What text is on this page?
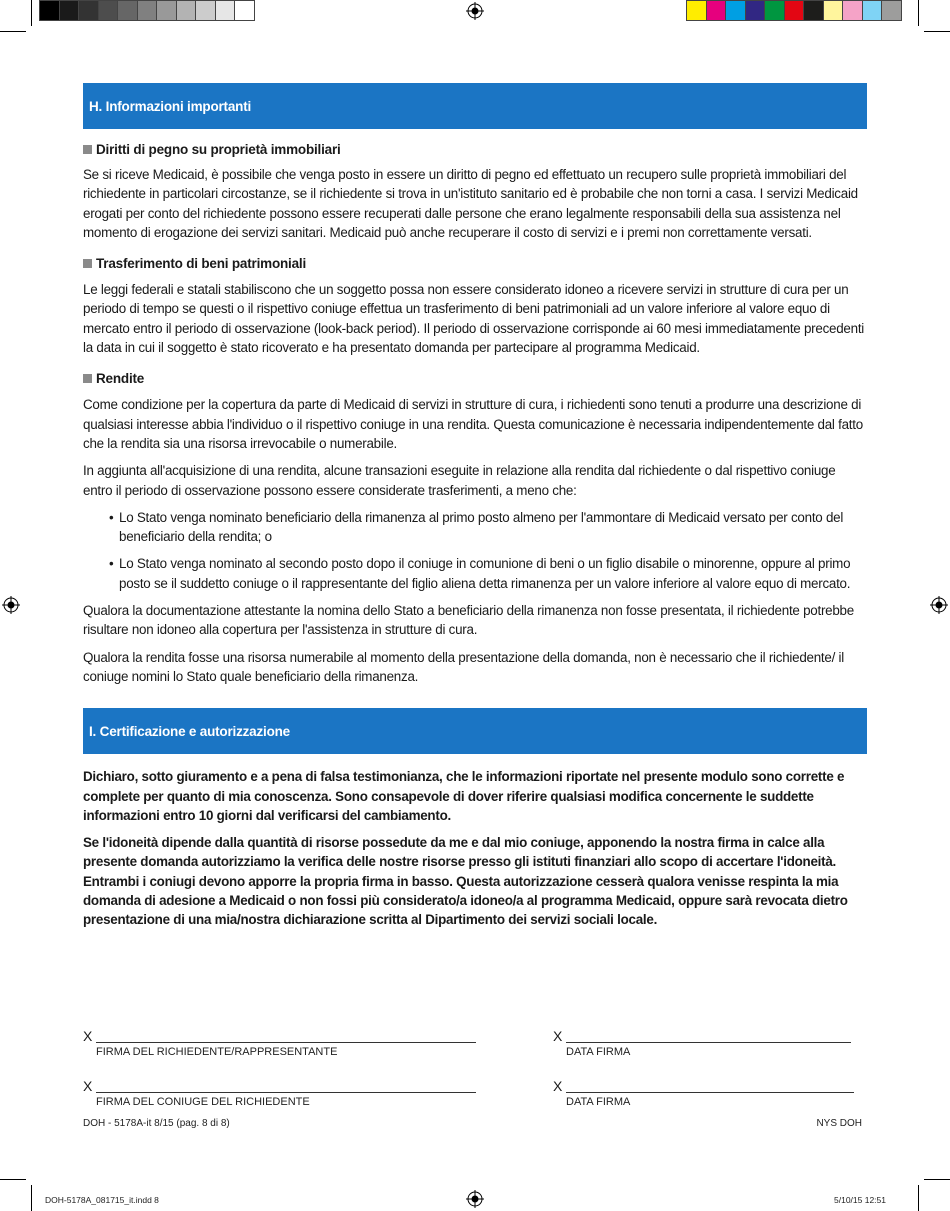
H. Informazioni importanti
Diritti di pegno su proprietà immobiliari

Se si riceve Medicaid, è possibile che venga posto in essere un diritto di pegno ed effettuato un recupero sulle proprietà immobiliari del richiedente in particolari circostanze, se il richiedente si trova in un'istituto sanitario ed è probabile che non torni a casa. I servizi Medicaid erogati per conto del richiedente possono essere recuperati dalle persone che erano legalmente responsabili della sua assistenza nel momento di erogazione dei servizi sanitari. Medicaid può anche recuperare il costo di servizi e i premi non correttamente versati.

Trasferimento di beni patrimoniali

Le leggi federali e statali stabiliscono che un soggetto possa non essere considerato idoneo a ricevere servizi in strutture di cura per un periodo di tempo se questi o il rispettivo coniuge effettua un trasferimento di beni patrimoniali ad un valore inferiore al valore equo di mercato entro il periodo di osservazione (look-back period). Il periodo di osservazione corrisponde ai 60 mesi immediatamente precedenti la data in cui il soggetto è stato ricoverato e ha presentato domanda per partecipare al programma Medicaid.

Rendite

Come condizione per la copertura da parte di Medicaid di servizi in strutture di cura, i richiedenti sono tenuti a produrre una descrizione di qualsiasi interesse abbia l'individuo o il rispettivo coniuge in una rendita. Questa comunicazione è necessaria indipendentemente dal fatto che la rendita sia una risorsa irrevocabile o numerabile.

In aggiunta all'acquisizione di una rendita, alcune transazioni eseguite in relazione alla rendita dal richiedente o dal rispettivo coniuge entro il periodo di osservazione possono essere considerate trasferimenti, a meno che:

• Lo Stato venga nominato beneficiario della rimanenza al primo posto almeno per l'ammontare di Medicaid versato per conto del beneficiario della rendita; o
• Lo Stato venga nominato al secondo posto dopo il coniuge in comunione di beni o un figlio disabile o minorenne, oppure al primo posto se il suddetto coniuge o il rappresentante del figlio aliena detta rimanenza per un valore inferiore al valore equo di mercato.

Qualora la documentazione attestante la nomina dello Stato a beneficiario della rimanenza non fosse presentata, il richiedente potrebbe risultare non idoneo alla copertura per l'assistenza in strutture di cura.

Qualora la rendita fosse una risorsa numerabile al momento della presentazione della domanda, non è necessario che il richiedente/ il coniuge nomini lo Stato quale beneficiario della rimanenza.

I. Certificazione e autorizzazione

Dichiaro, sotto giuramento e a pena di falsa testimonianza, che le informazioni riportate nel presente modulo sono corrette e complete per quanto di mia conoscenza. Sono consapevole di dover riferire qualsiasi modifica concernente le suddette informazioni entro 10 giorni dal verificarsi del cambiamento.

Se l'idoneità dipende dalla quantità di risorse possedute da me e dal mio coniuge, apponendo la nostra firma in calce alla presente domanda autorizziamo la verifica delle nostre risorse presso gli istituti finanziari allo scopo di accertare l'idoneità. Entrambi i coniugi devono apporre la propria firma in basso. Questa autorizzazione cesserà qualora venisse respinta la mia domanda di adesione a Medicaid o non fossi più considerato/a idoneo/a al programma Medicaid, oppure sarà revocata dietro presentazione di una mia/nostra dichiarazione scritta al Dipartimento dei servizi sociali locale.

X
FIRMA DEL RICHIEDENTE/RAPPRESENTANTE
X
DATA FIRMA
X
FIRMA DEL CONIUGE DEL RICHIEDENTE
X
DATA FIRMA
DOH - 5178A-it 8/15 (pag. 8 di 8)	NYS DOH
DOH-5178A_081715_it.indd 8	5/10/15 12:51
